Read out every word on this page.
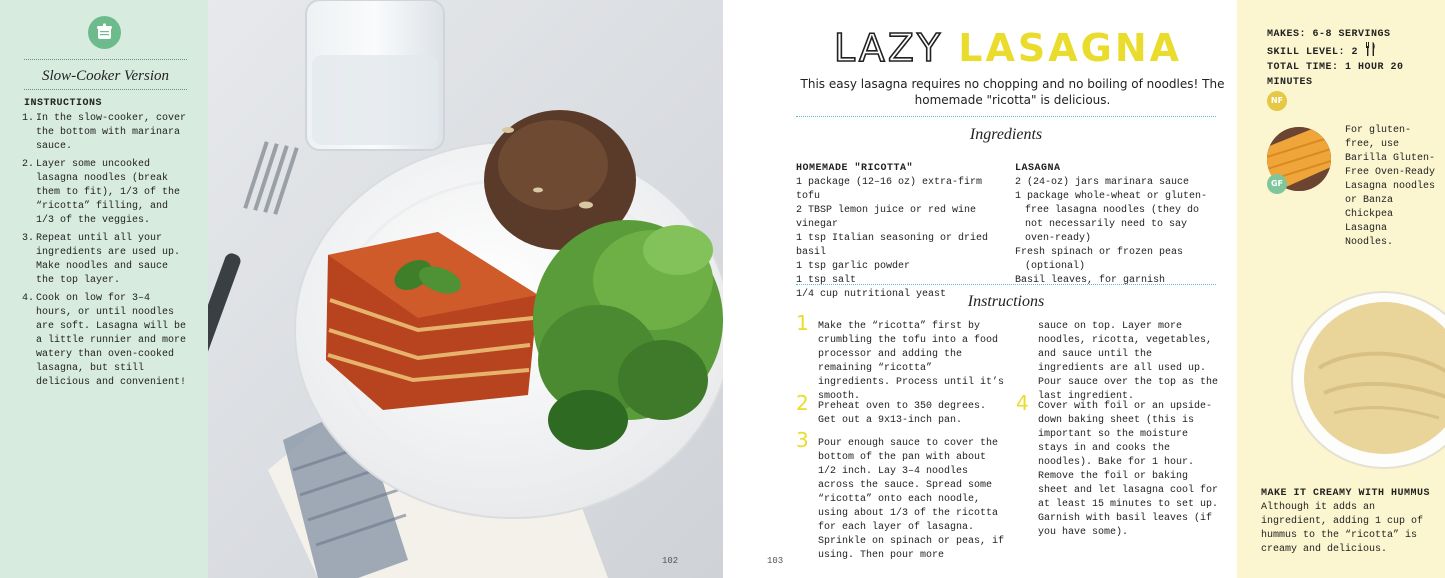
Slow-Cooker Version
INSTRUCTIONS
1. In the slow-cooker, cover the bottom with marinara sauce.
2. Layer some uncooked lasagna noodles (break them to fit), 1/3 of the “ricotta” filling, and 1/3 of the veggies.
3. Repeat until all your ingredients are used up. Make noodles and sauce the top layer.
4. Cook on low for 3–4 hours, or until noodles are soft. Lasagna will be a little runnier and more watery than oven-cooked lasagna, but still delicious and convenient!
102
LAZY LASAGNA
This easy lasagna requires no chopping and no boiling of noodles! The homemade "ricotta" is delicious.
Ingredients
HOMEMADE "RICOTTA"
1 package (12–16 oz) extra-firm tofu
2 TBSP lemon juice or red wine vinegar
1 tsp Italian seasoning or dried basil
1 tsp garlic powder
1 tsp salt
1/4 cup nutritional yeast
LASAGNA
2 (24-oz) jars marinara sauce
1 package whole-wheat or gluten-free lasagna noodles (they do not necessarily need to say oven-ready)
Fresh spinach or frozen peas (optional)
Basil leaves, for garnish
Instructions
1 Make the “ricotta” first by crumbling the tofu into a food processor and adding the remaining “ricotta” ingredients. Process until it’s smooth.
2 Preheat oven to 350 degrees. Get out a 9x13-inch pan.
3 Pour enough sauce to cover the bottom of the pan with about 1/2 inch. Lay 3–4 noodles across the sauce. Spread some “ricotta” onto each noodle, using about 1/3 of the ricotta for each layer of lasagna. Sprinkle on spinach or peas, if using. Then pour more
sauce on top. Layer more noodles, ricotta, vegetables, and sauce until the ingredients are all used up. Pour sauce over the top as the last ingredient.
4 Cover with foil or an upside-down baking sheet (this is important so the moisture stays in and cooks the noodles). Bake for 1 hour. Remove the foil or baking sheet and let lasagna cool for at least 15 minutes to set up. Garnish with basil leaves (if you have some).
103
MAKES: 6-8 SERVINGS
SKILL LEVEL: 2
TOTAL TIME: 1 HOUR 20 MINUTES
NF
GF
For gluten-free, use Barilla Gluten-Free Oven-Ready Lasagna noodles or Banza Chickpea Lasagna Noodles.
MAKE IT CREAMY WITH HUMMUS
Although it adds an ingredient, adding 1 cup of hummus to the “ricotta” is creamy and delicious.
